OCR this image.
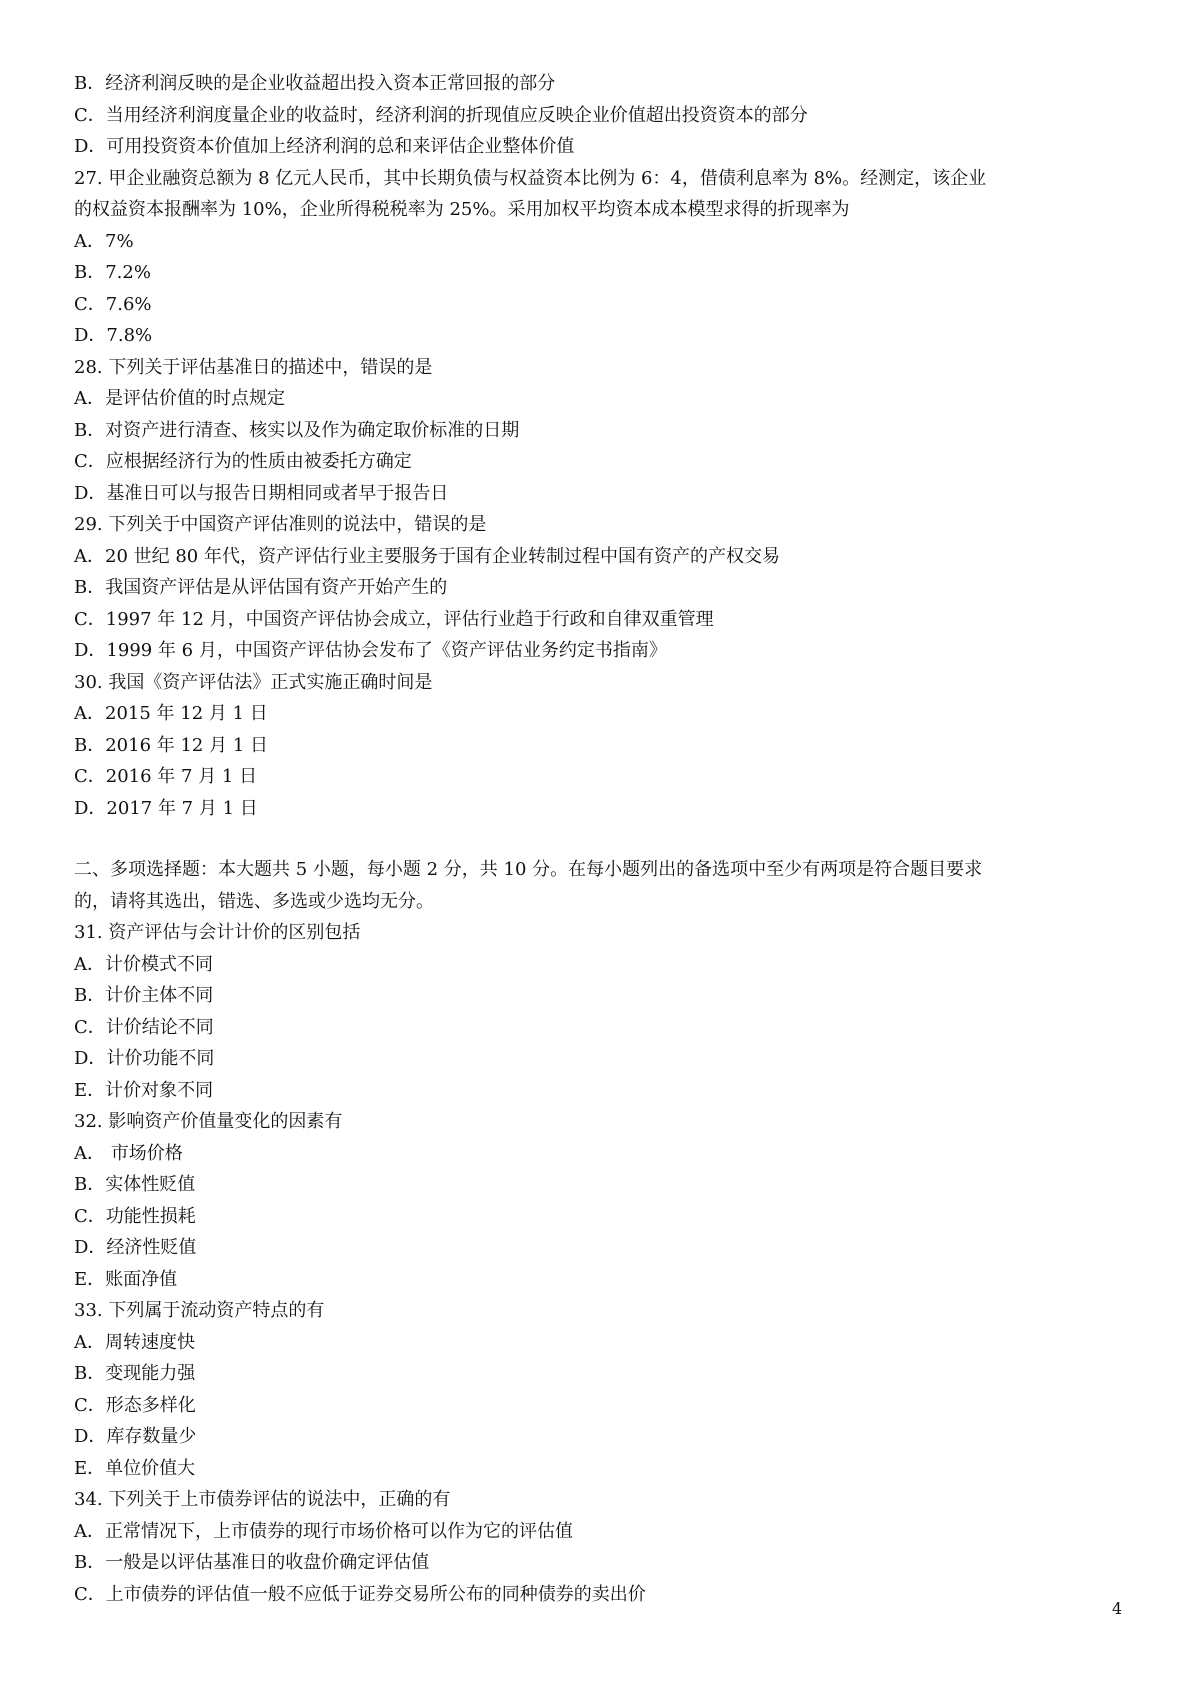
B．经济利润反映的是企业收益超出投入资本正常回报的部分
C．当用经济利润度量企业的收益时，经济利润的折现值应反映企业价值超出投资资本的部分
D．可用投资资本价值加上经济利润的总和来评估企业整体价值
27. 甲企业融资总额为 8 亿元人民币，其中长期负债与权益资本比例为 6：4，借债利息率为 8%。经测定，该企业
的权益资本报酬率为 10%，企业所得税税率为 25%。采用加权平均资本成本模型求得的折现率为
A．7%
B．7.2%
C．7.6%
D．7.8%
28. 下列关于评估基准日的描述中，错误的是
A．是评估价值的时点规定
B．对资产进行清查、核实以及作为确定取价标准的日期
C．应根据经济行为的性质由被委托方确定
D．基准日可以与报告日期相同或者早于报告日
29. 下列关于中国资产评估准则的说法中，错误的是
A．20 世纪 80 年代，资产评估行业主要服务于国有企业转制过程中国有资产的产权交易
B．我国资产评估是从评估国有资产开始产生的
C．1997 年 12 月，中国资产评估协会成立，评估行业趋于行政和自律双重管理
D．1999 年 6 月，中国资产评估协会发布了《资产评估业务约定书指南》
30. 我国《资产评估法》正式实施正确时间是
A．2015 年 12 月 1 日
B．2016 年 12 月 1 日
C．2016 年 7 月 1 日
D．2017 年 7 月 1 日
二、多项选择题：本大题共 5 小题，每小题 2 分，共 10 分。在每小题列出的备选项中至少有两项是符合题目要求
的，请将其选出，错选、多选或少选均无分。
31. 资产评估与会计计价的区别包括
A．计价模式不同
B．计价主体不同
C．计价结论不同
D．计价功能不同
E．计价对象不同
32. 影响资产价值量变化的因素有
A． 市场价格
B．实体性贬值
C．功能性损耗
D．经济性贬值
E．账面净值
33. 下列属于流动资产特点的有
A．周转速度快
B．变现能力强
C．形态多样化
D．库存数量少
E．单位价值大
34. 下列关于上市债券评估的说法中，正确的有
A．正常情况下，上市债券的现行市场价格可以作为它的评估值
B．一般是以评估基准日的收盘价确定评估值
C．上市债券的评估值一般不应低于证券交易所公布的同种债券的卖出价
4
